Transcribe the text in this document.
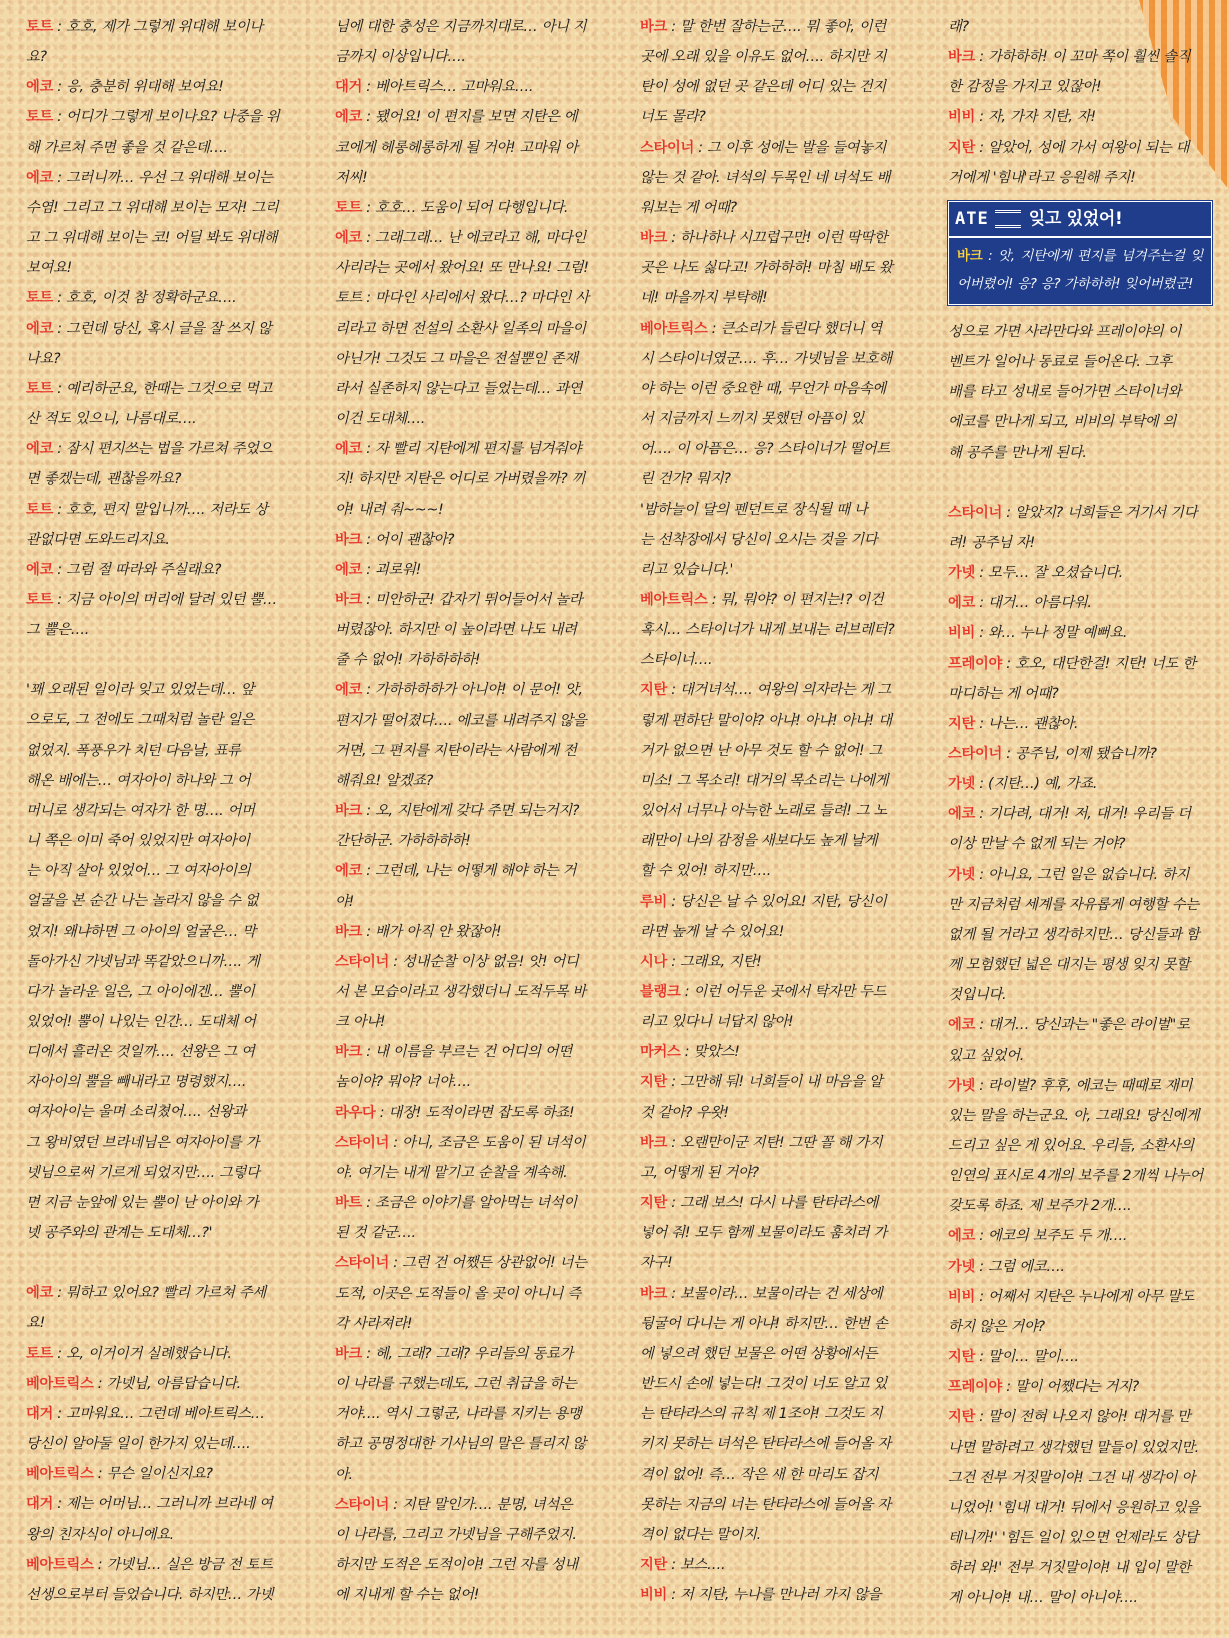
토트 : 호호, 제가 그렇게 위대해 보이나
요?
에코 : 응, 충분히 위대해 보여요!
토트 : 어디가 그렇게 보이나요? 나중을 위
해 가르쳐 주면 좋을 것 같은데….
에코 : 그러니까… 우선 그 위대해 보이는
수염! 그리고 그 위대해 보이는 모자! 그리
고 그 위대해 보이는 코! 어딜 봐도 위대해
보여요!
토트 : 호호, 이것 참 정확하군요….
에코 : 그런데 당신, 혹시 글을 잘 쓰지 않
나요?
토트 : 예리하군요, 한때는 그것으로 먹고
산 적도 있으니, 나름대로….
에코 : 잠시 편지쓰는 법을 가르쳐 주었으
면 좋겠는데, 괜찮을까요?
토트 : 호호, 편지 말입니까…. 저라도 상
관없다면 도와드리지요.
에코 : 그럼 절 따라와 주실래요?
토트 : 지금 아이의 머리에 달려 있던 뿔…
그 뿔은….
'꽤 오래된 일이라 잊고 있었는데… 앞
으로도, 그 전에도 그때처럼 놀란 일은
없었지. 폭풍우가 치던 다음날, 표류
해온 배에는… 여자아이 하나와 그 어
머니로 생각되는 여자가 한 명…. 어머
니 쪽은 이미 죽어 있었지만 여자아이
는 아직 살아 있었어… 그 여자아이의
얼굴을 본 순간 나는 놀라지 않을 수 없
었지! 왜냐하면 그 아이의 얼굴은… 막
돌아가신 가넷님과 똑같았으니까…. 게
다가 놀라운 일은, 그 아이에겐… 뿔이
있었어! 뿔이 나있는 인간… 도대체 어
디에서 흘러온 것일까…. 선왕은 그 여
자아이의 뿔을 빼내라고 명령했지….
여자아이는 울며 소리쳤어…. 선왕과
그 왕비였던 브라네님은 여자아이를 가
넷님으로써 기르게 되었지만…. 그렇다
면 지금 눈앞에 있는 뿔이 난 아이와 가
넷 공주와의 관계는 도대체…?'
에코 : 뭐하고 있어요? 빨리 가르쳐 주세
요!
토트 : 오, 이거이거 실례했습니다.
베아트릭스 : 가넷님, 아름답습니다.
대거 : 고마워요… 그런데 베아트릭스…
당신이 알아둘 일이 한가지 있는데….
베아트릭스 : 무슨 일이신지요?
대거 : 제는 어머님… 그러니까 브라네 여
왕의 친자식이 아니에요.
베아트릭스 : 가넷님… 실은 방금 전 토트
선생으로부터 들었습니다. 하지만… 가넷
님에 대한 충성은 지금까지대로… 아니 지
금까지 이상입니다….
대거 : 베아트릭스… 고마워요….
에코 : 됐어요! 이 편지를 보면 지탄은 에
코에게 헤롱헤롱하게 될 거야! 고마워 아
저씨!
토트 : 호호… 도움이 되어 다행입니다.
에코 : 그래그래… 난 에코라고 해, 마다인
사리라는 곳에서 왔어요! 또 만나요! 그럼!
토트 : 마다인 사리에서 왔다…? 마다인 사
리라고 하면 전설의 소환사 일족의 마을이
아닌가! 그것도 그 마을은 전설뿐인 존재
라서 실존하지 않는다고 들었는데… 과연
이건 도대체….
에코 : 자 빨리 지탄에게 편지를 넘겨줘야
지! 하지만 지탄은 어디로 가버렸을까? 끼
야! 내려 줘~~~!
바크 : 어이 괜찮아?
에코 : 괴로워!
바크 : 미안하군! 갑자기 뛰어들어서 놀라
버렸잖아. 하지만 이 높이라면 나도 내려
줄 수 없어! 가하하하하!
에코 : 가하하하하가 아니야! 이 문어! 앗,
편지가 떨어졌다…. 에코를 내려주지 않을
거면, 그 편지를 지탄이라는 사람에게 전
해줘요! 알겠죠?
바크 : 오, 지탄에게 갖다 주면 되는거지?
간단하군. 가하하하하!
에코 : 그런데, 나는 어떻게 해야 하는 거
야!
바크 : 배가 아직 안 왔잖아!
스타이너 : 성내순찰 이상 없음! 앗! 어디
서 본 모습이라고 생각했더니 도적두목 바
크 아냐!
바크 : 내 이름을 부르는 건 어디의 어떤
놈이야? 뭐야? 너야….
라우다 : 대장! 도적이라면 잡도록 하죠!
스타이너 : 아니, 조금은 도움이 된 녀석이
야. 여기는 내게 맡기고 순찰을 계속해.
바트 : 조금은 이야기를 알아먹는 녀석이
된 것 같군….
스타이너 : 그런 건 어쨌든 상관없어! 너는
도적, 이곳은 도적들이 올 곳이 아니니 즉
각 사라져라!
바크 : 헤, 그래? 그래? 우리들의 동료가
이 나라를 구했는데도, 그런 취급을 하는
거야…. 역시 그렇군, 나라를 지키는 용맹
하고 공명정대한 기사님의 말은 틀리지 않
아.
스타이너 : 지탄 말인가…. 분명, 녀석은
이 나라를, 그리고 가넷님을 구해주었지.
하지만 도적은 도적이야! 그런 자를 성내
에 지내게 할 수는 없어!
바크 : 말 한번 잘하는군…. 뭐 좋아, 이런
곳에 오래 있을 이유도 없어…. 하지만 지
탄이 성에 없던 곳 같은데 어디 있는 건지
너도 몰라?
스타이너 : 그 이후 성에는 발을 들여놓지
않는 것 같아. 녀석의 두목인 네 녀석도 배
워보는 게 어때?
바크 : 하나하나 시끄럽구만! 이런 딱딱한
곳은 나도 싫다고! 가하하하! 마침 배도 왔
네! 마을까지 부탁해!
베아트릭스 : 큰소리가 들린다 했더니 역
시 스타이너였군…. 후… 가넷님을 보호해
야 하는 이런 중요한 때, 무언가 마음속에
서 지금까지 느끼지 못했던 아픔이 있
어…. 이 아픔은… 응? 스타이너가 떨어트
린 건가? 뭐지?
'밤하늘이 달의 펜던트로 장식될 때 나
는 선착장에서 당신이 오시는 것을 기다
리고 있습니다.'
베아트릭스 : 뭐, 뭐야? 이 편지는!? 이건
혹시… 스타이너가 내게 보내는 러브레터?
스타이너….
지탄 : 대거녀석…. 여왕의 의자라는 게 그
렇게 편하단 말이야? 아냐! 아냐! 아냐! 대
거가 없으면 난 아무 것도 할 수 없어! 그
미소! 그 목소리! 대거의 목소리는 나에게
있어서 너무나 아늑한 노래로 들려! 그 노
래만이 나의 감정을 새보다도 높게 날게
할 수 있어! 하지만….
루비 : 당신은 날 수 있어요! 지탄, 당신이
라면 높게 날 수 있어요!
시나 : 그래요, 지탄!
블랭크 : 이런 어두운 곳에서 탁자만 두드
리고 있다니 너답지 않아!
마커스 : 맞았스!
지탄 : 그만해 둬! 너희들이 내 마음을 알
것 같아? 우왓!
바크 : 오랜만이군 지탄! 그딴 꼴 해 가지
고, 어떻게 된 거야?
지탄 : 그래 보스! 다시 나를 탄타라스에
넣어 줘! 모두 함께 보물이라도 훔치러 가
자구!
바크 : 보물이라… 보물이라는 건 세상에
뒹굴어 다니는 게 아냐! 하지만… 한번 손
에 넣으려 했던 보물은 어떤 상황에서든
반드시 손에 넣는다! 그것이 너도 알고 있
는 탄타라스의 규칙 제 1조야! 그것도 지
키지 못하는 녀석은 탄타라스에 들어올 자
격이 없어! 즉… 작은 새 한 마리도 잡지
못하는 지금의 너는 탄타라스에 들어올 자
격이 없다는 말이지.
지탄 : 보스….
비비 : 저 지탄, 누나를 만나러 가지 않을
래?
바크 : 가하하하! 이 꼬마 쪽이 훨씬 솔직
한 감정을 가지고 있잖아!
비비 : 자, 가자 지탄, 자!
지탄 : 알았어, 성에 가서 여왕이 되는 대
거에게 '힘내'라고 응원해 주지!
ATE	잊고 있었어!
바크 : 앗, 지탄에게 편지를 넘겨주는걸 잊어버렸어! 응? 응? 가하하하! 잊어버렸군!
성으로 가면 사라만다와 프레이야의 이
벤트가 일어나 동료로 들어온다. 그후
배를 타고 성내로 들어가면 스타이너와
에코를 만나게 되고, 비비의 부탁에 의
해 공주를 만나게 된다.
스타이너 : 알았지? 너희들은 거기서 기다
려! 공주님 자!
가넷 : 모두… 잘 오셨습니다.
에코 : 대거… 아름다워.
비비 : 와… 누나 정말 예뻐요.
프레이야 : 호오, 대단한걸! 지탄! 너도 한
마디하는 게 어때?
지탄 : 나는… 괜찮아.
스타이너 : 공주님, 이제 됐습니까?
가넷 : (지탄…) 예, 가죠.
에코 : 기다려, 대거! 저, 대거! 우리들 더
이상 만날 수 없게 되는 거야?
가넷 : 아니요, 그런 일은 없습니다. 하지
만 지금처럼 세계를 자유롭게 여행할 수는
없게 될 거라고 생각하지만… 당신들과 함
께 모험했던 넓은 대지는 평생 잊지 못할
것입니다.
에코 : 대거… 당신과는 "좋은 라이벌"로
있고 싶었어.
가넷 : 라이벌? 후후, 에코는 때때로 재미
있는 말을 하는군요. 아, 그래요! 당신에게
드리고 싶은 게 있어요. 우리들, 소환사의
인연의 표시로 4개의 보주를 2개씩 나누어
갖도록 하죠. 제 보주가 2개….
에코 : 에코의 보주도 두 개….
가넷 : 그럼 에코….
비비 : 어째서 지탄은 누나에게 아무 말도
하지 않은 거야?
지탄 : 말이… 말이….
프레이야 : 말이 어쨌다는 거지?
지탄 : 말이 전혀 나오지 않아! 대거를 만
나면 말하려고 생각했던 말들이 있었지만.
그건 전부 거짓말이야! 그건 내 생각이 아
니었어! '힘내 대거! 뒤에서 응원하고 있을
테니까!' '힘든 일이 있으면 언제라도 상담
하러 와!' 전부 거짓말이야! 내 입이 말한
게 아니야! 내… 말이 아니야….
